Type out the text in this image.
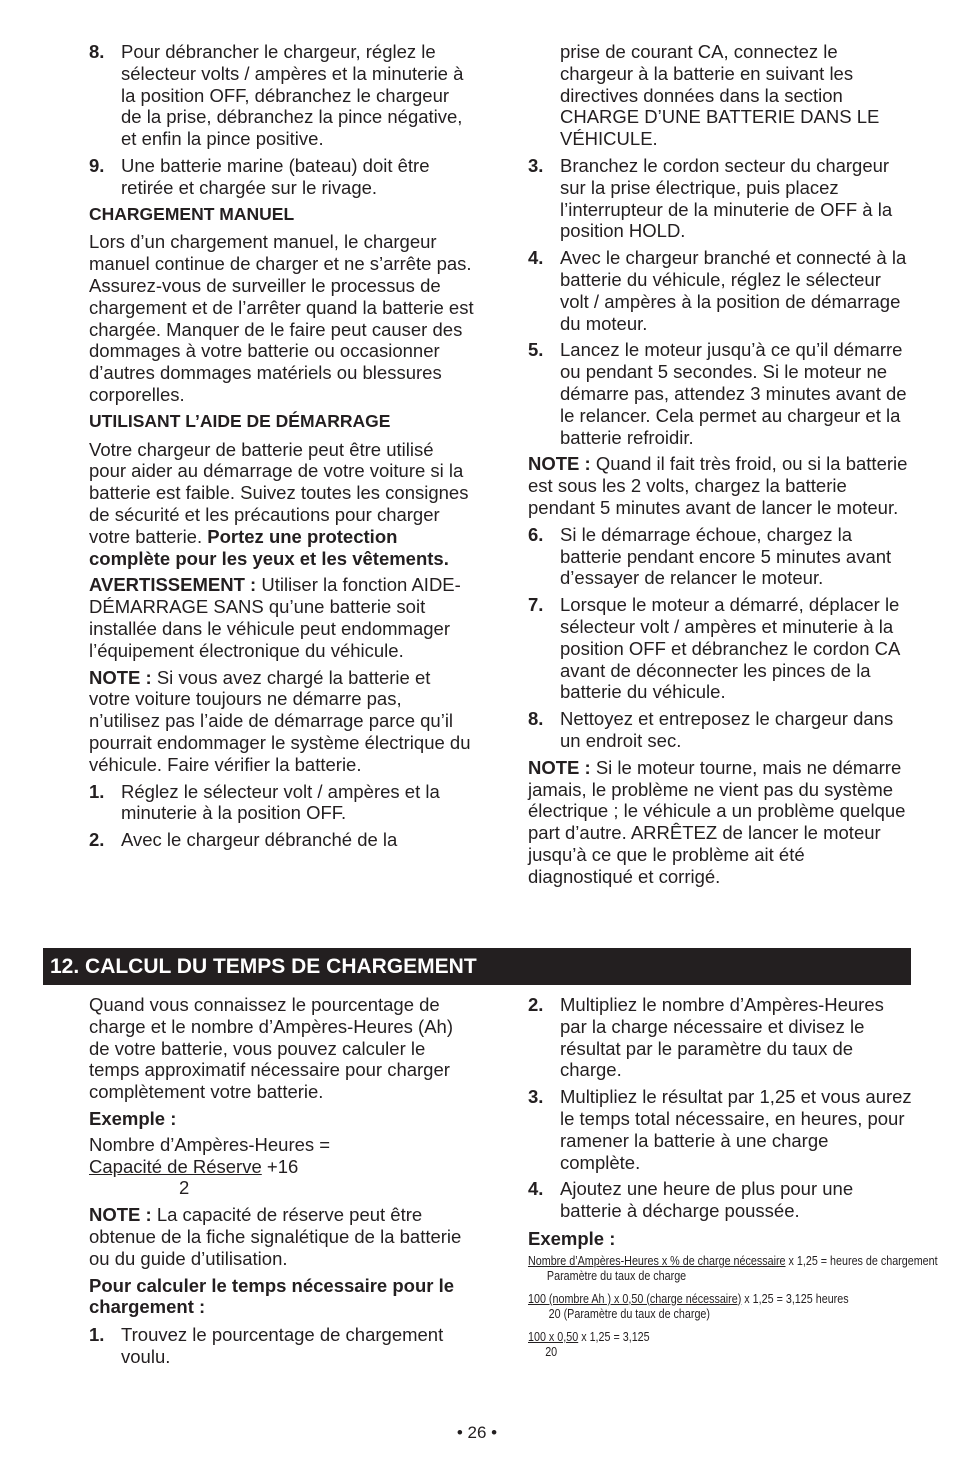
8. Pour débrancher le chargeur, réglez le sélecteur volts / ampères et la minuterie à la position OFF, débranchez le chargeur de la prise, débranchez la pince négative, et enfin la pince positive.
9. Une batterie marine (bateau) doit être retirée et chargée sur le rivage.
CHARGEMENT MANUEL
Lors d’un chargement manuel, le chargeur manuel continue de charger et ne s’arrête pas. Assurez-vous de surveiller le processus de chargement et de l’arrêter quand la batterie est chargée. Manquer de le faire peut causer des dommages à votre batterie ou occasionner d’autres dommages matériels ou blessures corporelles.
UTILISANT L’AIDE DE DÉMARRAGE
Votre chargeur de batterie peut être utilisé pour aider au démarrage de votre voiture si la batterie est faible. Suivez toutes les consignes de sécurité et les précautions pour charger votre batterie. Portez une protection complète pour les yeux et les vêtements.
AVERTISSEMENT : Utiliser la fonction AIDE-DÉMARRAGE SANS qu’une batterie soit installée dans le véhicule peut endommager l’équipement électronique du véhicule.
NOTE : Si vous avez chargé la batterie et votre voiture toujours ne démarre pas, n’utilisez pas l’aide de démarrage parce qu’il pourrait endommager le système électrique du véhicule. Faire vérifier la batterie.
1. Réglez le sélecteur volt / ampères et la minuterie à la position OFF.
2. Avec le chargeur débranché de la
prise de courant CA, connectez le chargeur à la batterie en suivant les directives données dans la section CHARGE D’UNE BATTERIE DANS LE VÉHICULE.
3. Branchez le cordon secteur du chargeur sur la prise électrique, puis placez l’interrupteur de la minuterie de OFF à la position HOLD.
4. Avec le chargeur branché et connecté à la batterie du véhicule, réglez le sélecteur volt / ampères à la position de démarrage du moteur.
5. Lancez le moteur jusqu’à ce qu’il démarre ou pendant 5 secondes. Si le moteur ne démarre pas, attendez 3 minutes avant de le relancer. Cela permet au chargeur et la batterie refroidir.
NOTE : Quand il fait très froid, ou si la batterie est sous les 2 volts, chargez la batterie pendant 5 minutes avant de lancer le moteur.
6. Si le démarrage échoue, chargez la batterie pendant encore 5 minutes avant d’essayer de relancer le moteur.
7. Lorsque le moteur a démarré, déplacer le sélecteur volt / ampères et minuterie à la position OFF et débranchez le cordon CA avant de déconnecter les pinces de la batterie du véhicule.
8. Nettoyez et entreposez le chargeur dans un endroit sec.
NOTE : Si le moteur tourne, mais ne démarre jamais, le problème ne vient pas du système électrique ; le véhicule a un problème quelque part d’autre. ARRÊTEZ de lancer le moteur jusqu’à ce que le problème ait été diagnostiqué et corrigé.
12. CALCUL DU TEMPS DE CHARGEMENT
Quand vous connaissez le pourcentage de charge et le nombre d’Ampères-Heures (Ah) de votre batterie, vous pouvez calculer le temps approximatif nécessaire pour charger complètement votre batterie.
Exemple :
Nombre d’Ampères-Heures =
Capacité de Réserve +16
2
NOTE : La capacité de réserve peut être obtenue de la fiche signalétique de la batterie ou du guide d’utilisation.
Pour calculer le temps nécessaire pour le chargement :
1. Trouvez le pourcentage de chargement voulu.
2. Multipliez le nombre d’Ampères-Heures par la charge nécessaire et divisez le résultat par le paramètre du taux de charge.
3. Multipliez le résultat par 1,25 et vous aurez le temps total nécessaire, en heures, pour ramener la batterie à une charge complète.
4. Ajoutez une heure de plus pour une batterie à décharge poussée.
Exemple :
Nombre d’Ampères-Heures x % de charge nécessaire x 1,25 = heures de chargement
Paramètre du taux de charge
100 (nombre Ah ) x 0,50 (charge nécessaire) x 1,25 = 3,125 heures
20 (Paramètre du taux de charge)
100 x 0,50 x 1,25 = 3,125
20
• 26 •
